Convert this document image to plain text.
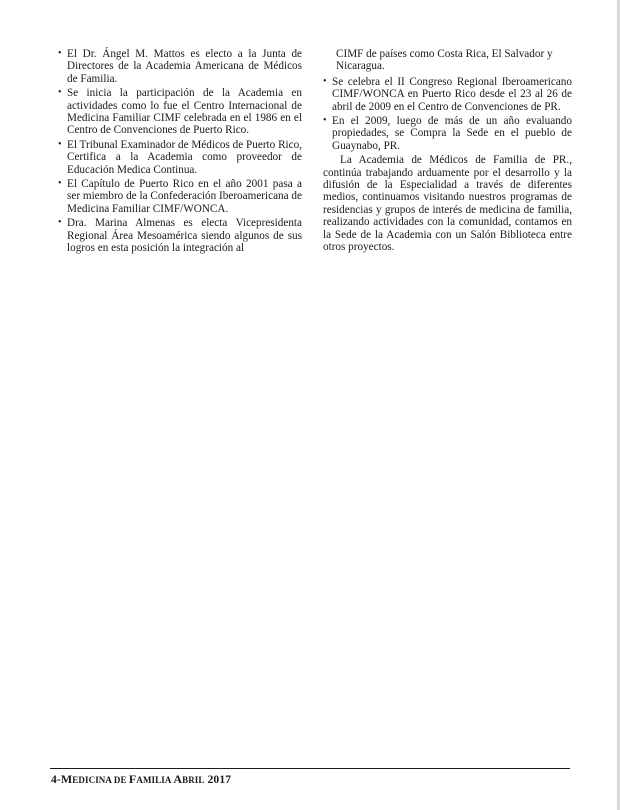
• El Dr. Ángel M. Mattos es electo a la Junta de Directores de la Academia Americana de Médicos de Familia.
• Se inicia la participación de la Academia en actividades como lo fue el Centro Internacional de Medicina Familiar CIMF celebrada en el 1986 en el Centro de Convenciones de Puerto Rico.
• El Tribunal Examinador de Médicos de Puerto Rico, Certifica a la Academia como proveedor de Educación Medica Continua.
• El Capítulo de Puerto Rico en el año 2001 pasa a ser miembro de la Confederación Iberoamericana de Medicina Familiar CIMF/WONCA.
• Dra. Marina Almenas es electa Vicepresidenta Regional Área Mesoamérica siendo algunos de sus logros en esta posición la integración al

CIMF de países como Costa Rica, El Salvador y Nicaragua.

• Se celebra el II Congreso Regional Iberoamericano CIMF/WONCA en Puerto Rico desde el 23 al 26 de abril de 2009 en el Centro de Convenciones de PR.
• En el 2009, luego de más de un año evaluando propiedades, se Compra la Sede en el pueblo de Guaynabo, PR.

La Academia de Médicos de Familia de PR., continúa trabajando arduamente por el desarrollo y la difusión de la Especialidad a través de diferentes medios, continuamos visitando nuestros programas de residencias y grupos de interés de medicina de familia, realizando actividades con la comunidad, contamos en la Sede de la Academia con un Salón Biblioteca entre otros proyectos.

4-MEDICINA DE FAMILIA ABRIL 2017
